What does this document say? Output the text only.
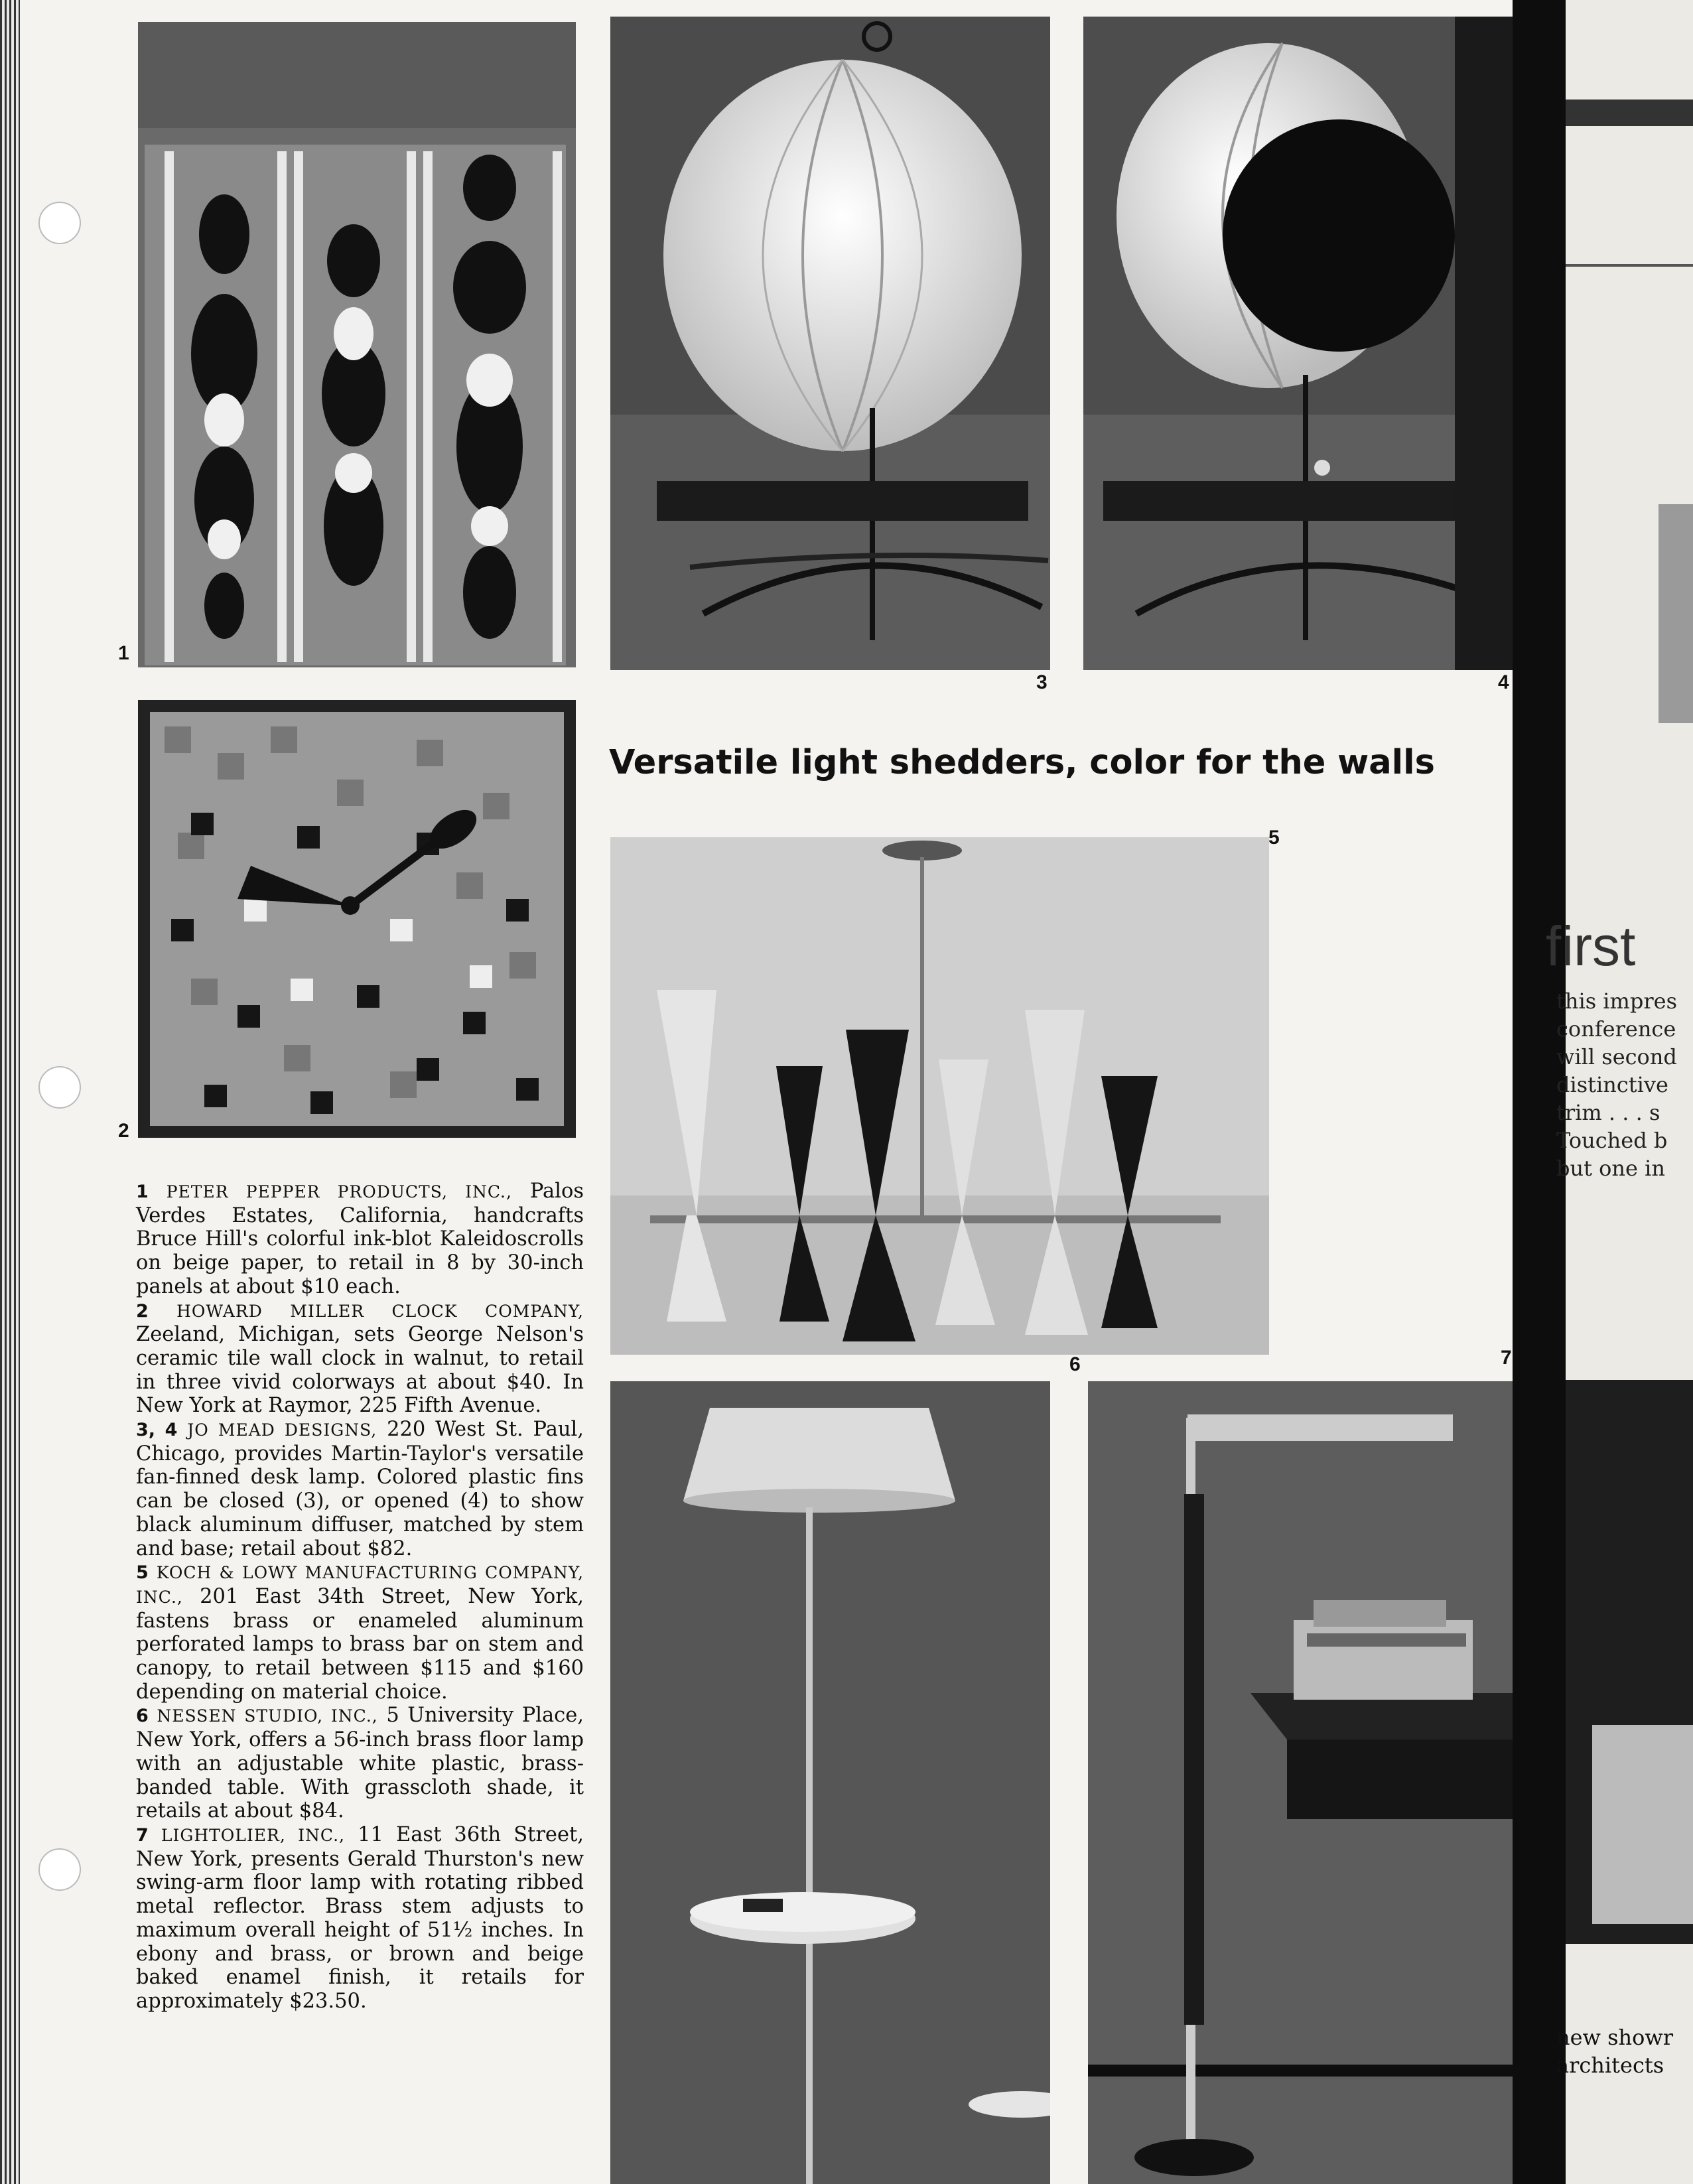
1
2
3	4
Versatile light shedders, color for the walls
5
6	7

1 PETER PEPPER PRODUCTS, INC., Palos Verdes Estates, California, handcrafts Bruce Hill's colorful ink-blot Kaleidoscrolls on beige paper, to retail in 8 by 30-inch panels at about $10 each.

2 HOWARD MILLER CLOCK COMPANY, Zeeland, Michigan, sets George Nelson's ceramic tile wall clock in walnut, to retail in three vivid colorways at about $40. In New York at Raymor, 225 Fifth Avenue.

3, 4 JO MEAD DESIGNS, 220 West St. Paul, Chicago, provides Martin-Taylor's versatile fan-finned desk lamp. Colored plastic fins can be closed (3), or opened (4) to show black aluminum diffuser, matched by stem and base; retail about $82.

5 KOCH & LOWY MANUFACTURING COMPANY, INC., 201 East 34th Street, New York, fastens brass or enameled aluminum perforated lamps to brass bar on stem and canopy, to retail between $115 and $160 depending on material choice.

6 NESSEN STUDIO, INC., 5 University Place, New York, offers a 56-inch brass floor lamp with an adjustable white plastic, brass-banded table. With grasscloth shade, it retails at about $84.

7 LIGHTOLIER, INC., 11 East 36th Street, New York, presents Gerald Thurston's new swing-arm floor lamp with rotating ribbed metal reflector. Brass stem adjusts to maximum overall height of 51½ inches. In ebony and brass, or brown and beige baked enamel finish, it retails for approximately $23.50.

first
this impres
conference
will second
distinctive
trim . . . s
Touched b
but one in
new showr
architects
